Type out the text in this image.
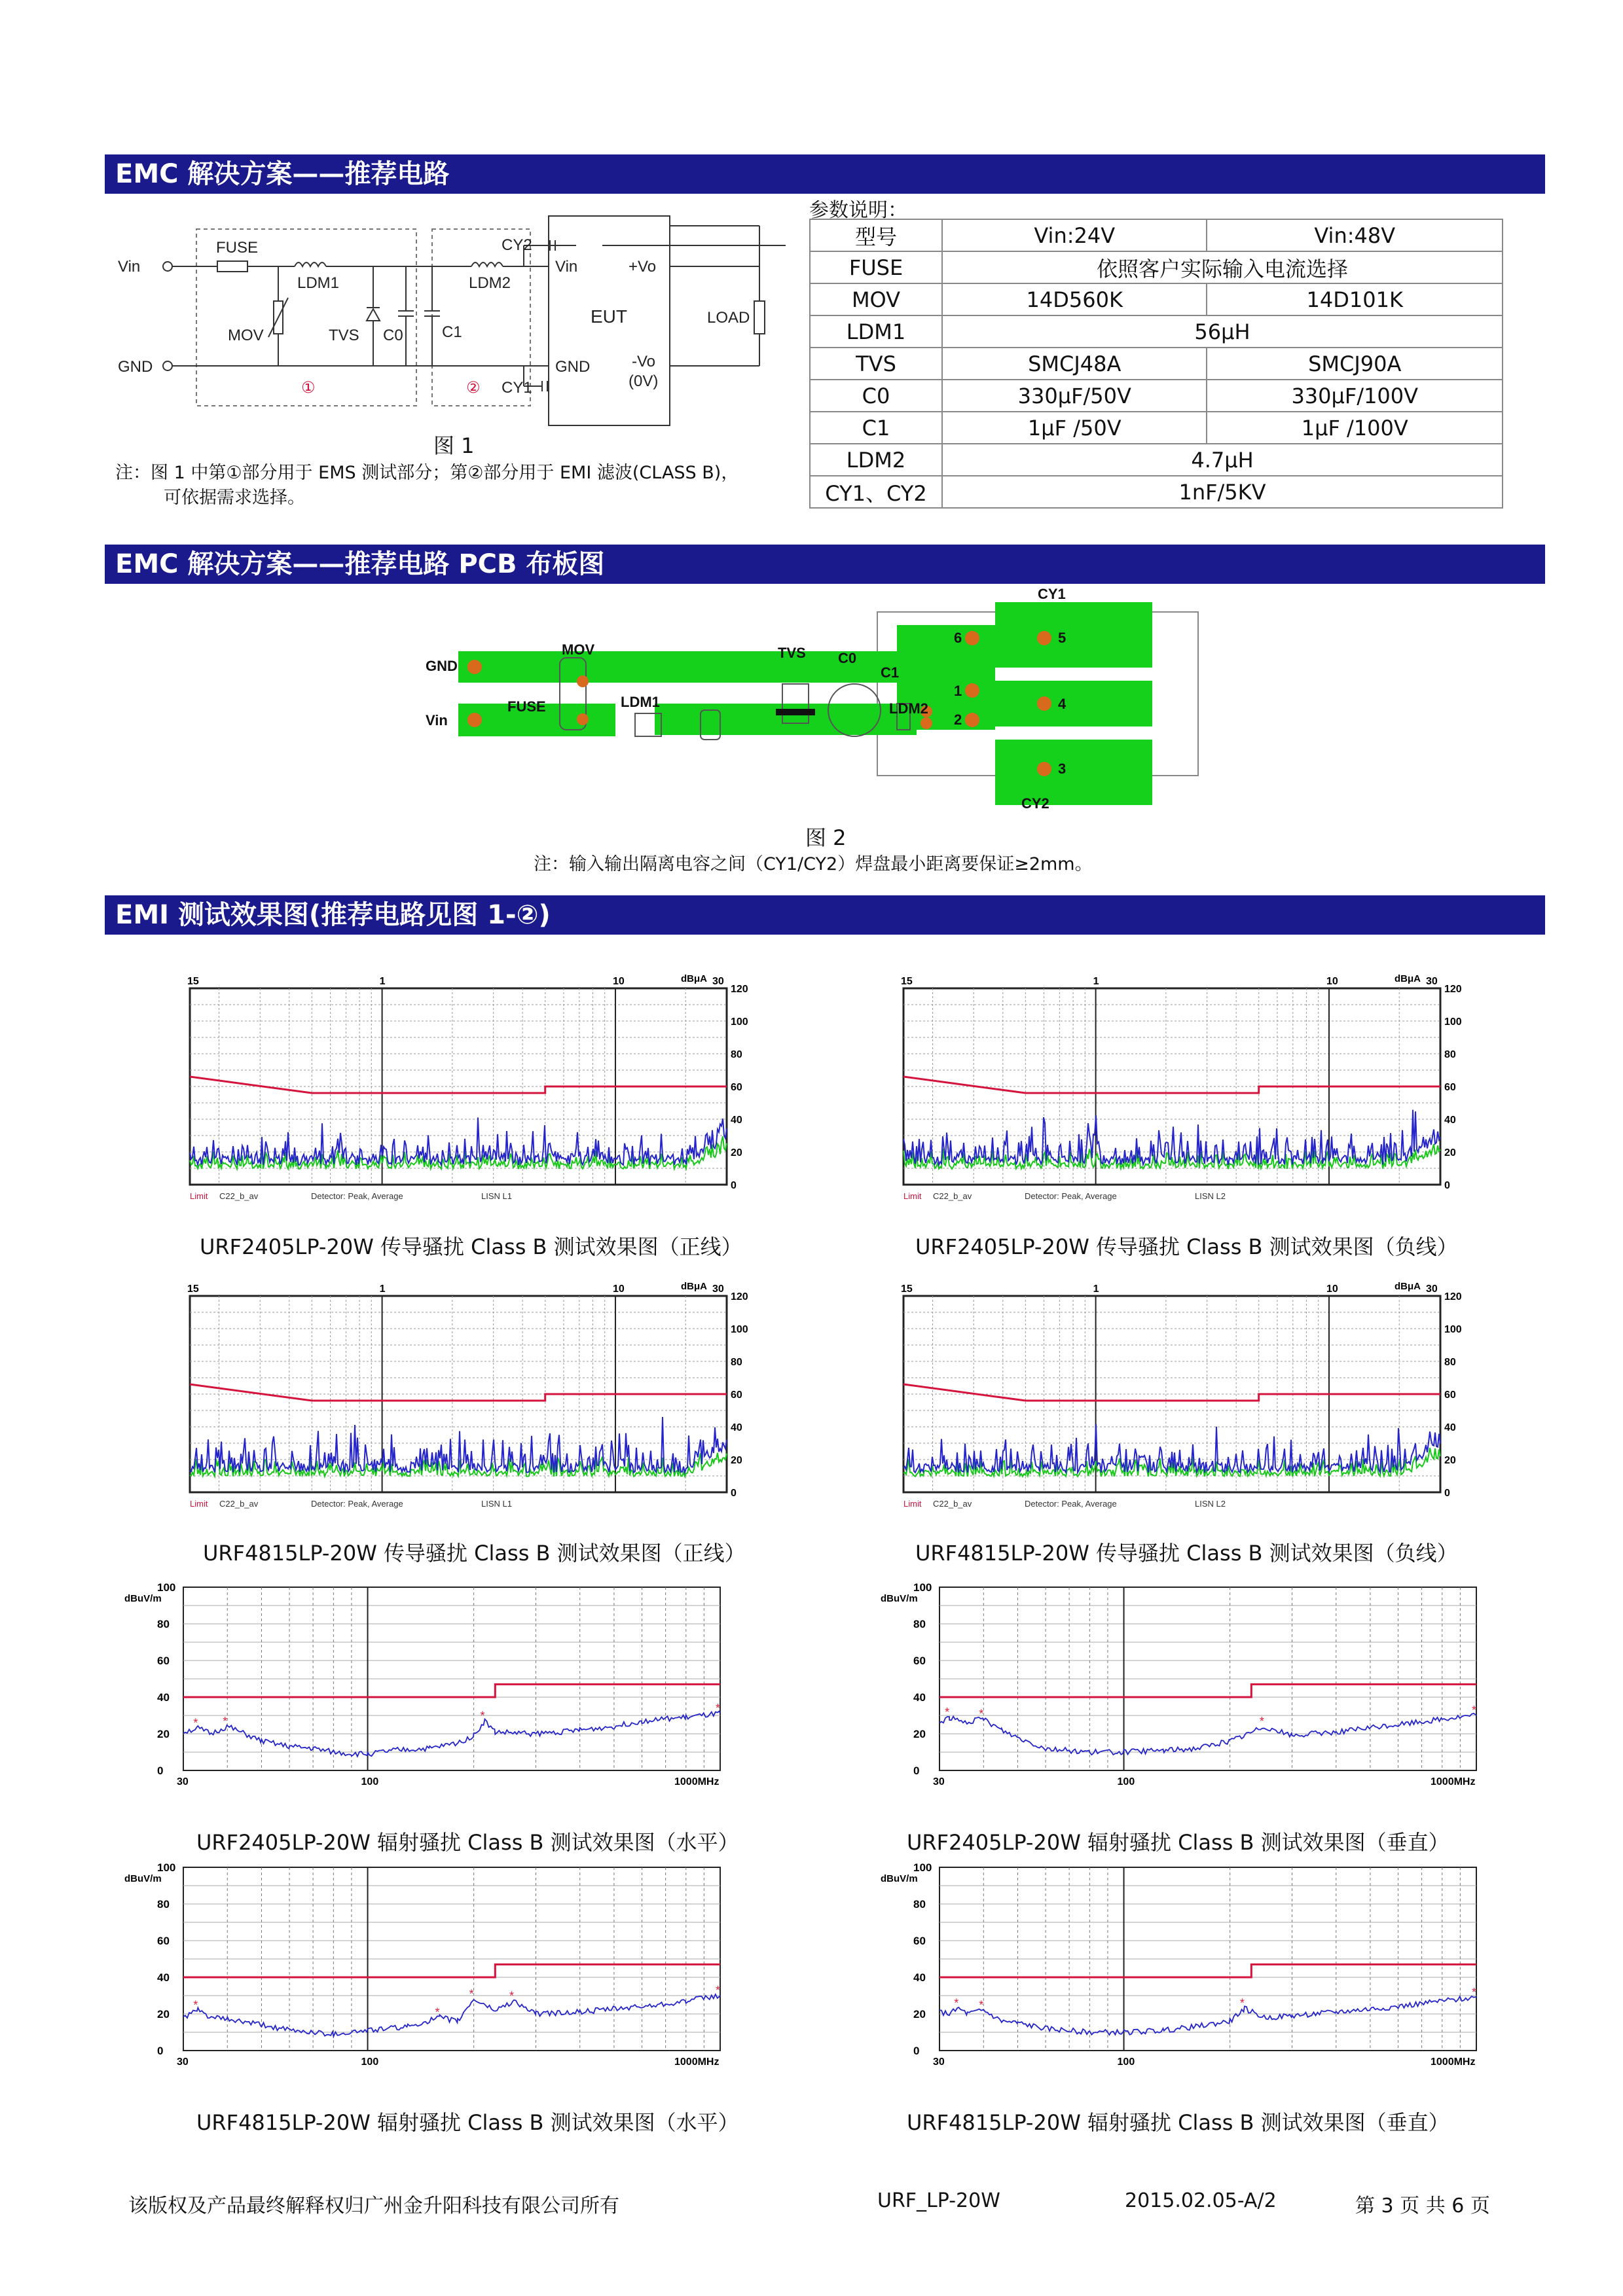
EMC 解决方案——推荐电路
Vin
GND
FUSE
LDM1
MOV	TVS C0 C1
LDM2
CY2
CY1
①	②
Vin	+Vo
EUT
GND	-Vo
(0V)
LOAD
图 1
注：图 1 中第①部分用于 EMS 测试部分；第②部分用于 EMI 滤波(CLASS B)，
可依据需求选择。
参数说明：
型号	Vin:24V	Vin:48V
FUSE	依照客户实际输入电流选择	
MOV	14D560K	14D101K
LDM1	56μH	
TVS	SMCJ48A	SMCJ90A
C0	330μF/50V	330μF/100V
C1	1μF /50V	1μF /100V
LDM2	4.7μH	
CY1、CY2	1nF/5KV	
EMC 解决方案——推荐电路 PCB 布板图
GND
Vin
MOV
FUSE	LDM1
TVS C0
C1
LDM2
CY1
CY2
6
1
2
5
4
3
图 2
注：输入输出隔离电容之间（CY1/CY2）焊盘最小距离要保证≥2mm。
EMI 测试效果图(推荐电路见图 1-②)
15	1	10	30
dBμA
120
100
80
60
40
20
0
Limit C22_b_av	Detector: Peak, Average	LISN L1
15	1	10	30
dBμA
120
100
80
60
40
20
0
Limit C22_b_av	Detector: Peak, Average	LISN L2
15	1	10	30
dBμA
120
100
80
60
40
20
0
Limit C22_b_av	Detector: Peak, Average	LISN L1
15	1	10	30
dBμA
120
100
80
60
40
20
0
Limit C22_b_av	Detector: Peak, Average	LISN L2
100
80
60
40
20
0
dBuV/m
30	100	1000MHz
* *	*
*
100
80
60
40
20
0
dBuV/m
30	100	1000MHz
*	*
*
*
100
80
60
40
20
0
dBuV/m
30	100	1000MHz
*
*
*	*	*
100
80
60
40
20
0
dBuV/m
30	100	1000MHz
* *	*
*
URF2405LP-20W 传导骚扰 Class B 测试效果图（正线）	URF2405LP-20W 传导骚扰 Class B 测试效果图（负线）
URF4815LP-20W 传导骚扰 Class B 测试效果图（正线）	URF4815LP-20W 传导骚扰 Class B 测试效果图（负线）
URF2405LP-20W 辐射骚扰 Class B 测试效果图（水平）	URF2405LP-20W 辐射骚扰 Class B 测试效果图（垂直）
URF4815LP-20W 辐射骚扰 Class B 测试效果图（水平）	URF4815LP-20W 辐射骚扰 Class B 测试效果图（垂直）
该版权及产品最终解释权归广州金升阳科技有限公司所有	URF_LP-20W	2015.02.05-A/2	第 3 页 共 6 页
